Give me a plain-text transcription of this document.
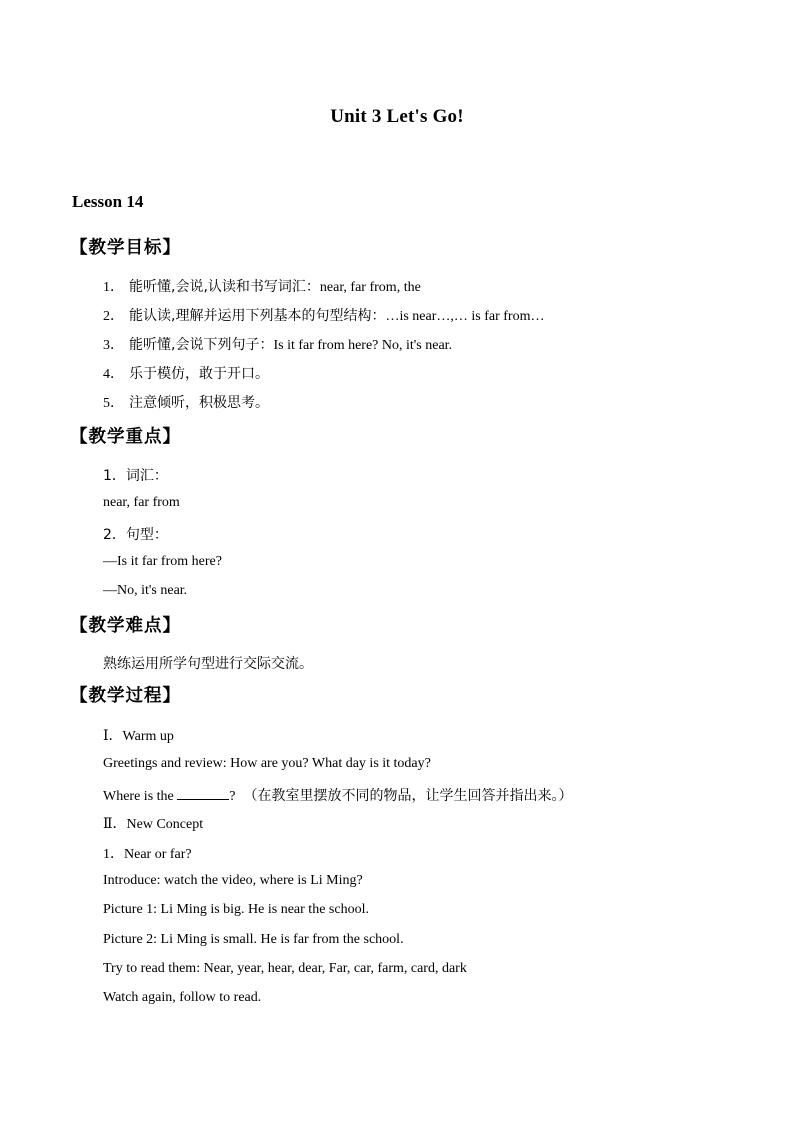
Unit 3 Let's Go!
Lesson 14
【教学目标】
1． 能听懂,会说,认读和书写词汇：near, far from, the
2． 能认读,理解并运用下列基本的句型结构：…is near…,… is far from…
3． 能听懂,会说下列句子：Is it far from here? No, it's near.
4． 乐于模仿，敢于开口。
5． 注意倾听，积极思考。
【教学重点】
1．词汇：
near, far from
2．句型：
—Is it far from here?
—No, it's near.
【教学难点】
熟练运用所学句型进行交际交流。
【教学过程】
Ⅰ．Warm up
Greetings and review: How are you? What day is it today?
Where is the	? （在教室里摆放不同的物品，让学生回答并指出来。）
Ⅱ．New Concept
1．Near or far?
Introduce: watch the video, where is Li Ming?
Picture 1: Li Ming is big. He is near the school.
Picture 2: Li Ming is small. He is far from the school.
Try to read them: Near, year, hear, dear, Far, car, farm, card, dark
Watch again, follow to read.
